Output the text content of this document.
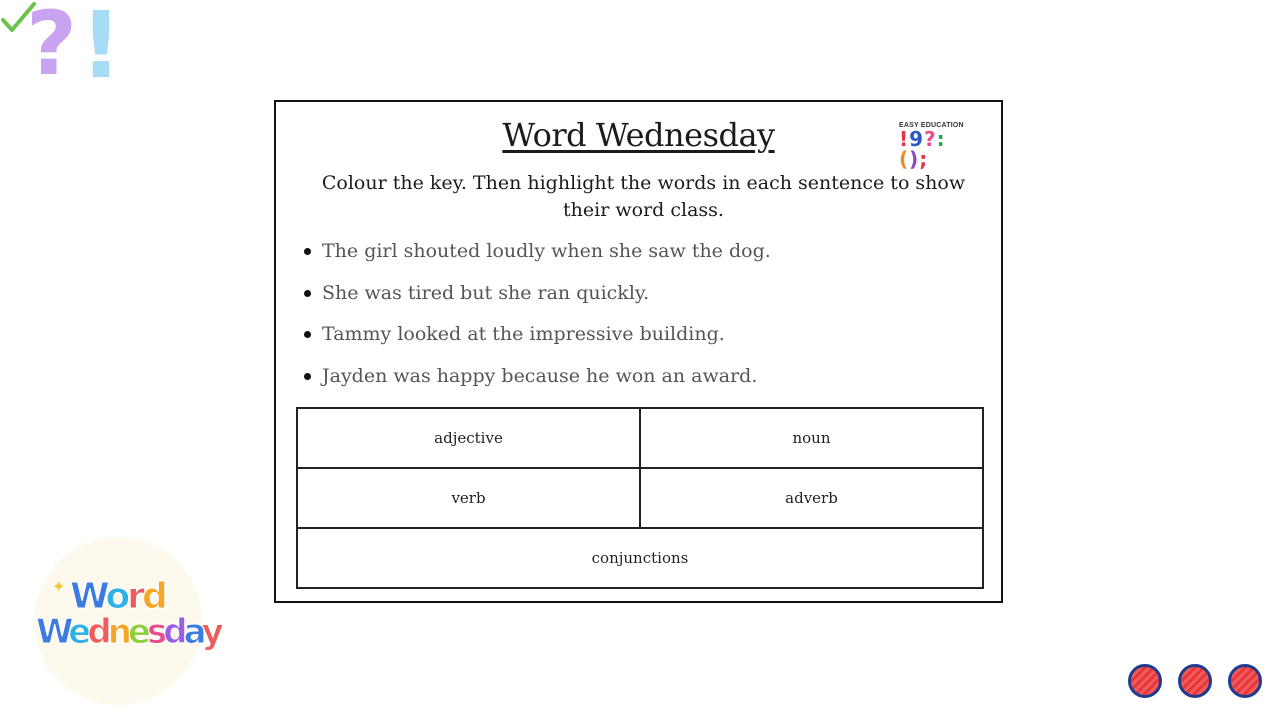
? !
Word Wednesday	EASY EDUCATION
!9?:();
Colour the key. Then highlight the words in each sentence to show their word class.
The girl shouted loudly when she saw the dog.
She was tired but she ran quickly.
Tammy looked at the impressive building.
Jayden was happy because he won an award.
adjective	noun
verb	adverb
conjunctions	
✦ Word
Wednesday
